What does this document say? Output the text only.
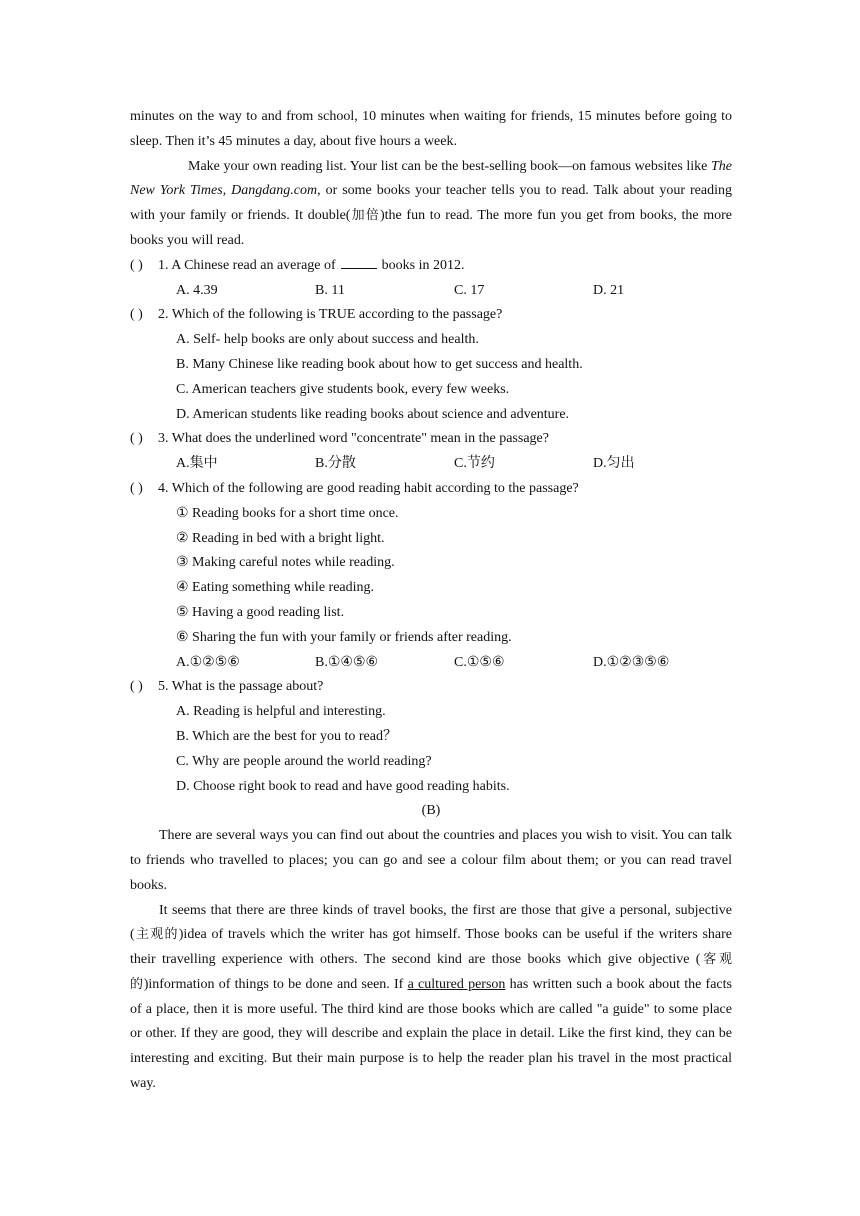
minutes on the way to and from school, 10 minutes when waiting for friends, 15 minutes before going to sleep. Then it’s 45 minutes a day, about five hours a week.

Make your own reading list. Your list can be the best-selling book—on famous websites like The New York Times, Dangdang.com, or some books your teacher tells you to read. Talk about your reading with your family or friends. It double(加倍)the fun to read. The more fun you get from books, the more books you will read.

( ) 1. A Chinese read an average of	books in 2012.

A. 4.39	B. 11	C. 17	D. 21

( ) 2. Which of the following is TRUE according to the passage?

A. Self- help books are only about success and health.

B. Many Chinese like reading book about how to get success and health.

C. American teachers give students book, every few weeks.

D. American students like reading books about science and adventure.

( ) 3. What does the underlined word "concentrate" mean in the passage?

A.集中	B.分散	C.节约	D.匀出

( ) 4. Which of the following are good reading habit according to the passage?

① Reading books for a short time once.

② Reading in bed with a bright light.

③ Making careful notes while reading.

④ Eating something while reading.

⑤ Having a good reading list.

⑥ Sharing the fun with your family or friends after reading.

A.①②⑤⑥	B.①④⑤⑥	C.①⑤⑥	D.①②③⑤⑥

( ) 5. What is the passage about?

A. Reading is helpful and interesting.

B. Which are the best for you to read？

C. Why are people around the world reading?

D. Choose right book to read and have good reading habits.

(B)

There are several ways you can find out about the countries and places you wish to visit. You can talk to friends who travelled to places; you can go and see a colour film about them; or you can read travel books.

It seems that there are three kinds of travel books, the first are those that give a personal, subjective (主观的)idea of travels which the writer has got himself. Those books can be useful if the writers share their travelling experience with others. The second kind are those books which give objective (客观的)information of things to be done and seen. If a cultured person has written such a book about the facts of a place, then it is more useful. The third kind are those books which are called "a guide" to some place or other. If they are good, they will describe and explain the place in detail. Like the first kind, they can be interesting and exciting. But their main purpose is to help the reader plan his travel in the most practical way.
